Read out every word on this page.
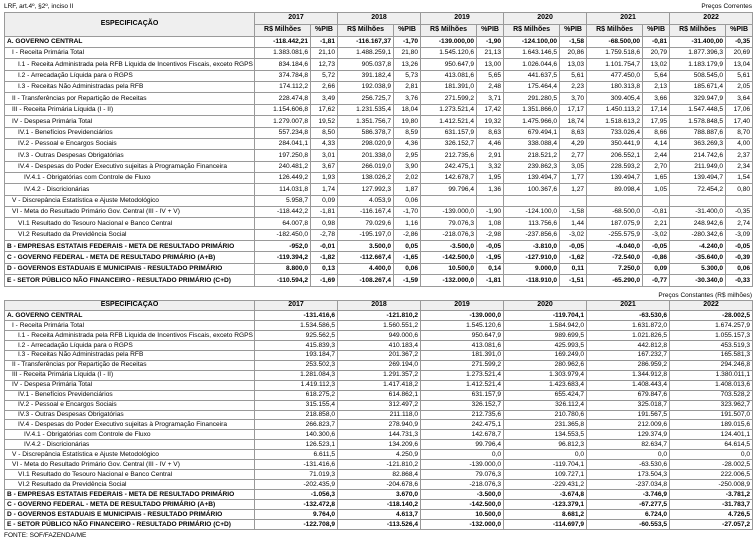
LRF, art.4º, §2º, inciso II	Preços Correntes
ESPECIFICAÇÃO	2017		2018		2019		2020		2021		2022	
	R$ Milhões	%PIB	R$ Milhões	%PIB	R$ Milhões	%PIB	R$ Milhões	%PIB	R$ Milhões	%PIB	R$ Milhões	%PIB
A. GOVERNO CENTRAL	-118.442,21	-1,81	-116.167,37	-1,70	-139.000,00	-1,90	-124.100,00	-1,58	-68.500,00	-0,81	-31.400,00	-0,35
I - Receita Primária Total	1.383.081,6	21,10	1.488.259,1	21,80	1.545.120,6	21,13	1.643.146,5	20,86	1.759.518,6	20,79	1.877.396,3	20,69
I.1 - Receita Administrada pela RFB Líquida de Incentivos Fiscais, exceto RGPS	834.184,6	12,73	905.037,8	13,26	950.647,9	13,00	1.026.044,6	13,03	1.101.754,7	13,02	1.183.179,9	13,04
I.2 - Arrecadação Líquida para o RGPS	374.784,8	5,72	391.182,4	5,73	413.081,6	5,65	441.637,5	5,61	477.450,0	5,64	508.545,0	5,61
I.3 - Receitas Não Administradas pela RFB	174.112,2	2,66	192.038,9	2,81	181.391,0	2,48	175.464,4	2,23	180.313,8	2,13	185.671,4	2,05
II - Transferências por Repartição de Receitas	228.474,8	3,49	256.725,7	3,76	271.599,2	3,71	291.280,5	3,70	309.405,4	3,66	329.947,9	3,64
III - Receita Primária Líquida (I - II)	1.154.606,8	17,62	1.231.535,4	18,04	1.273.521,4	17,42	1.351.866,0	17,17	1.450.113,2	17,14	1.547.448,5	17,06
IV - Despesa Primária Total	1.279.007,8	19,52	1.351.756,7	19,80	1.412.521,4	19,32	1.475.966,0	18,74	1.518.613,2	17,95	1.578.848,5	17,40
IV.1 - Benefícios Previdenciários	557.234,8	8,50	586.378,7	8,59	631.157,9	8,63	679.494,1	8,63	733.026,4	8,66	788.887,6	8,70
IV.2 - Pessoal e Encargos Sociais	284.041,1	4,33	298.020,9	4,36	326.152,7	4,46	338.088,4	4,29	350.441,9	4,14	363.269,3	4,00
IV.3 - Outras Despesas Obrigatórias	197.250,8	3,01	201.338,0	2,95	212.735,6	2,91	218.521,2	2,77	206.552,1	2,44	214.742,6	2,37
IV.4 - Despesas do Poder Executivo sujeitas à Programação Financeira	240.481,2	3,67	266.019,0	3,90	242.475,1	3,32	239.862,3	3,05	228.593,2	2,70	211.949,0	2,34
IV.4.1 - Obrigatórias com Controle de Fluxo	126.449,2	1,93	138.026,2	2,02	142.678,7	1,95	139.494,7	1,77	139.494,7	1,65	139.494,7	1,54
IV.4.2 - Discricionárias	114.031,8	1,74	127.992,3	1,87	99.796,4	1,36	100.367,6	1,27	89.098,4	1,05	72.454,2	0,80
V - Discrepância Estatística e Ajuste Metodológico	5.958,7	0,09	4.053,9	0,06								
VI - Meta do Resultado Primário Gov. Central (III - IV + V)	-118.442,2	-1,81	-116.167,4	-1,70	-139.000,0	-1,90	-124.100,0	-1,58	-68.500,0	-0,81	-31.400,0	-0,35
VI.1 Resultado do Tesouro Nacional e Banco Central	64.007,8	0,98	79.029,6	1,16	79.076,3	1,08	113.756,6	1,44	187.075,9	2,21	248.942,6	2,74
VI.2 Resultado da Previdência Social	-182.450,0	-2,78	-195.197,0	-2,86	-218.076,3	-2,98	-237.856,6	-3,02	-255.575,9	-3,02	-280.342,6	-3,09
B - EMPRESAS ESTATAIS FEDERAIS - META DE RESULTADO PRIMÁRIO	-952,0	-0,01	3.500,0	0,05	-3.500,0	-0,05	-3.810,0	-0,05	-4.040,0	-0,05	-4.240,0	-0,05
C - GOVERNO FEDERAL - META DE RESULTADO PRIMÁRIO (A+B)	-119.394,2	-1,82	-112.667,4	-1,65	-142.500,0	-1,95	-127.910,0	-1,62	-72.540,0	-0,86	-35.640,0	-0,39
D - GOVERNOS ESTADUAIS E MUNICIPAIS - RESULTADO PRIMÁRIO	8.800,0	0,13	4.400,0	0,06	10.500,0	0,14	9.000,0	0,11	7.250,0	0,09	5.300,0	0,06
E - SETOR PÚBLICO NÃO FINANCEIRO - RESULTADO PRIMÁRIO (C+D)	-110.594,2	-1,69	-108.267,4	-1,59	-132.000,0	-1,81	-118.910,0	-1,51	-65.290,0	-0,77	-30.340,0	-0,33
Preços Constantes (R$ milhões)
ESPECIFICAÇÃO	2017	2018	2019	2020	2021	2022
A. GOVERNO CENTRAL	-131.416,6	-121.810,2	-139.000,0	-119.704,1	-63.530,6	-28.002,5
I - Receita Primária Total	1.534.586,5	1.560.551,2	1.545.120,6	1.584.942,0	1.631.872,0	1.674.257,9
I.1 - Receita Administrada pela RFB Líquida de Incentivos Fiscais, exceto RGPS	925.562,5	949.000,6	950.647,9	989.699,5	1.021.826,5	1.055.157,3
I.2 - Arrecadação Líquida para o RGPS	415.839,3	410.183,4	413.081,6	425.993,5	442.812,8	453.519,3
I.3 - Receitas Não Administradas pela RFB	193.184,7	201.367,2	181.391,0	169.249,0	167.232,7	165.581,3
II - Transferências por Repartição de Receitas	253.502,3	269.194,0	271.599,2	280.962,6	286.959,2	294.246,8
III - Receita Primária Líquida (I - II)	1.281.084,3	1.291.357,2	1.273.521,4	1.303.979,4	1.344.912,8	1.380.011,1
IV - Despesa Primária Total	1.419.112,3	1.417.418,2	1.412.521,4	1.423.683,4	1.408.443,4	1.408.013,6
IV.1 - Benefícios Previdenciários	618.275,2	614.862,1	631.157,9	655.424,7	679.847,6	703.528,2
IV.2 - Pessoal e Encargos Sociais	315.155,4	312.497,2	326.152,7	326.112,4	325.018,7	323.962,7
IV.3 - Outras Despesas Obrigatórias	218.858,0	211.118,0	212.735,6	210.780,6	191.567,5	191.507,0
IV.4 - Despesas do Poder Executivo sujeitas à Programação Financeira	266.823,7	278.940,9	242.475,1	231.365,8	212.009,6	189.015,6
IV.4.1 - Obrigatórias com Controle de Fluxo	140.300,6	144.731,3	142.678,7	134.553,5	129.374,9	124.401,1
IV.4.2 - Discricionárias	126.523,1	134.209,6	99.796,4	96.812,3	82.634,7	64.614,5
V - Discrepância Estatística e Ajuste Metodológico	6.611,5	4.250,9	0,0	0,0	0,0	0,0
VI - Meta do Resultado Primário Gov. Central (III - IV + V)	-131.416,6	-121.810,2	-139.000,0	-119.704,1	-63.530,6	-28.002,5
VI.1 Resultado do Tesouro Nacional e Banco Central	71.019,3	82.868,4	79.076,3	109.727,1	173.504,3	222.006,5
VI.2 Resultado da Previdência Social	-202.435,9	-204.678,6	-218.076,3	-229.431,2	-237.034,8	-250.008,9
B - EMPRESAS ESTATAIS FEDERAIS - META DE RESULTADO PRIMÁRIO	-1.056,3	3.670,0	-3.500,0	-3.674,8	-3.746,9	-3.781,2
C - GOVERNO FEDERAL - META DE RESULTADO PRIMÁRIO (A+B)	-132.472,8	-118.140,2	-142.500,0	-123.379,1	-67.277,5	-31.783,7
D - GOVERNOS ESTADUAIS E MUNICIPAIS - RESULTADO PRIMÁRIO	9.764,0	4.613,7	10.500,0	8.681,2	6.724,0	4.726,5
E - SETOR PÚBLICO NÃO FINANCEIRO - RESULTADO PRIMÁRIO (C+D)	-122.708,9	-113.526,4	-132.000,0	-114.697,9	-60.553,5	-27.057,2
FONTE: SOF/FAZENDA/ME
